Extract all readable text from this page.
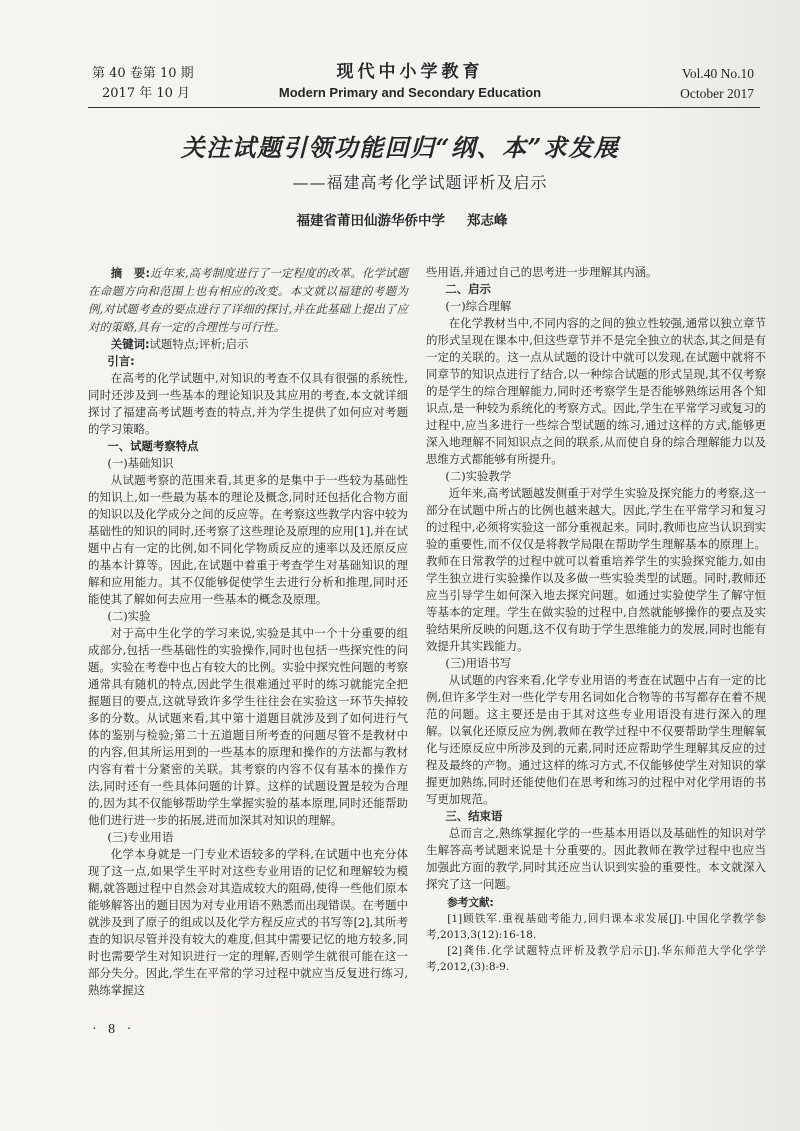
第 40 卷第 10 期
2017 年 10 月
现代中小学教育
Modern Primary and Secondary Education
Vol.40 No.10
October 2017
关注试题引领功能回归“纲、本”求发展
——福建高考化学试题评析及启示
福建省莆田仙游华侨中学 郑志峰

摘　要:近年来,高考制度进行了一定程度的改革。化学试题在命题方向和范围上也有相应的改变。本文就以福建的考题为例,对试题考查的要点进行了详细的探讨,并在此基础上提出了应对的策略,具有一定的合理性与可行性。

关键词:试题特点;评析;启示

引言:

在高考的化学试题中,对知识的考查不仅具有很强的系统性,同时还涉及到一些基本的理论知识及其应用的考查,本文就详细探讨了福建高考试题考查的特点,并为学生提供了如何应对考题的学习策略。

一、试题考察特点

(一)基础知识

从试题考察的范围来看,其更多的是集中于一些较为基础性的知识上,如一些最为基本的理论及概念,同时还包括化合物方面的知识以及化学成分之间的反应等。在考察这些教学内容中较为基础性的知识的同时,还考察了这些理论及原理的应用[1],并在试题中占有一定的比例,如不同化学物质反应的速率以及还原反应的基本计算等。因此,在试题中着重于考查学生对基础知识的理解和应用能力。其不仅能够促使学生去进行分析和推理,同时还能使其了解如何去应用一些基本的概念及原理。

(二)实验

对于高中生化学的学习来说,实验是其中一个十分重要的组成部分,包括一些基础性的实验操作,同时也包括一些探究性的问题。实验在考卷中也占有较大的比例。实验中探究性问题的考察通常具有随机的特点,因此学生很难通过平时的练习就能完全把握题目的要点,这就导致许多学生往往会在实验这一环节失掉较多的分数。从试题来看,其中第十道题目就涉及到了如何进行气体的鉴别与检验;第二十五道题目所考查的问题尽管不是教材中的内容,但其所运用到的一些基本的原理和操作的方法都与教材内容有着十分紧密的关联。其考察的内容不仅有基本的操作方法,同时还有一些具体问题的计算。这样的试题设置是较为合理的,因为其不仅能够帮助学生掌握实验的基本原理,同时还能帮助他们进行进一步的拓展,进而加深其对知识的理解。

(三)专业用语

化学本身就是一门专业术语较多的学科,在试题中也充分体现了这一点,如果学生平时对这些专业用语的记忆和理解较为模糊,就答题过程中自然会对其造成较大的阻碍,使得一些他们原本能够解答出的题目因为对专业用语不熟悉而出现错误。在考题中就涉及到了原子的组成以及化学方程反应式的书写等[2],其所考查的知识尽管并没有较大的难度,但其中需要记忆的地方较多,同时也需要学生对知识进行一定的理解,否则学生就很可能在这一部分失分。因此,学生在平常的学习过程中就应当反复进行练习,熟练掌握这

些用语,并通过自己的思考进一步理解其内涵。

二、启示

(一)综合理解

在化学教材当中,不同内容的之间的独立性较强,通常以独立章节的形式呈现在课本中,但这些章节并不是完全独立的状态,其之间是有一定的关联的。这一点从试题的设计中就可以发现,在试题中就将不同章节的知识点进行了结合,以一种综合试题的形式呈现,其不仅考察的是学生的综合理解能力,同时还考察学生是否能够熟练运用各个知识点,是一种较为系统化的考察方式。因此,学生在平常学习或复习的过程中,应当多进行一些综合型试题的练习,通过这样的方式,能够更深入地理解不同知识点之间的联系,从而使自身的综合理解能力以及思维方式都能够有所提升。

(二)实验教学

近年来,高考试题越发侧重于对学生实验及探究能力的考察,这一部分在试题中所占的比例也越来越大。因此,学生在平常学习和复习的过程中,必须将实验这一部分重视起来。同时,教师也应当认识到实验的重要性,而不仅仅是将教学局限在帮助学生理解基本的原理上。教师在日常教学的过程中就可以着重培养学生的实验探究能力,如由学生独立进行实验操作以及多做一些实验类型的试题。同时,教师还应当引导学生如何深入地去探究问题。如通过实验使学生了解守恒等基本的定理。学生在做实验的过程中,自然就能够操作的要点及实验结果所反映的问题,这不仅有助于学生思维能力的发展,同时也能有效提升其实践能力。

(三)用语书写

从试题的内容来看,化学专业用语的考查在试题中占有一定的比例,但许多学生对一些化学专用名词如化合物等的书写都存在着不规范的问题。这主要还是由于其对这些专业用语没有进行深入的理解。以氧化还原反应为例,教师在教学过程中不仅要帮助学生理解氧化与还原反应中所涉及到的元素,同时还应帮助学生理解其反应的过程及最终的产物。通过这样的练习方式,不仅能够使学生对知识的掌握更加熟练,同时还能使他们在思考和练习的过程中对化学用语的书写更加规范。

三、结束语

总而言之,熟练掌握化学的一些基本用语以及基础性的知识对学生解答高考试题来说是十分重要的。因此教师在教学过程中也应当加强此方面的教学,同时其还应当认识到实验的重要性。本文就深入探究了这一问题。

参考文献:

[1]顾铁军.重视基础考能力,回归课本求发展[J].中国化学教学参考,2013,3(12):16-18.

[2]龚伟.化学试题特点评析及教学启示[J].华东师范大学化学学考,2012,(3):8-9.

· 8 ·
